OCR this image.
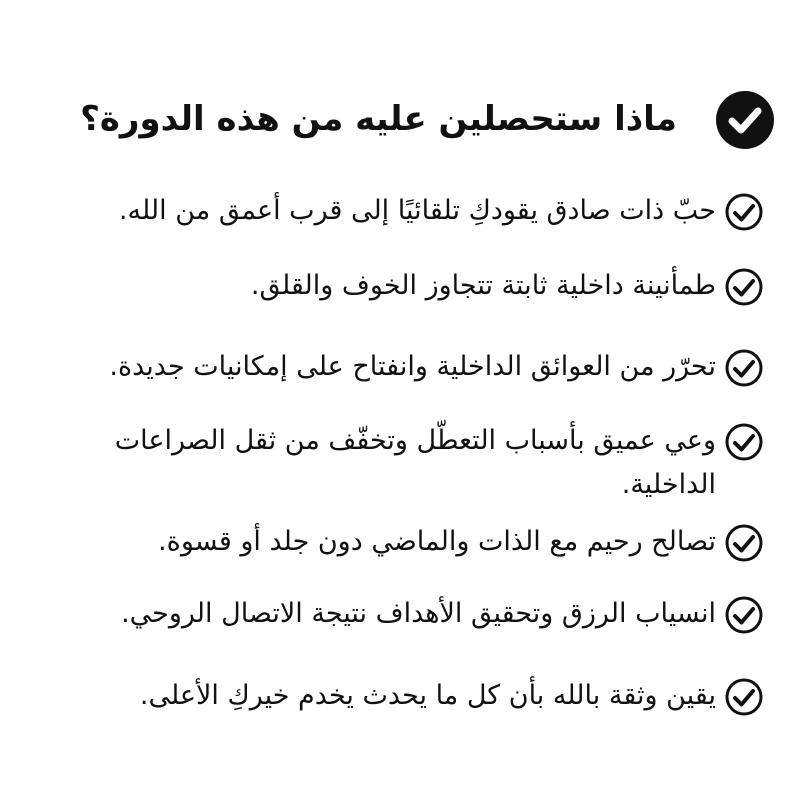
ماذا ستحصلين عليه من هذه الدورة؟
حبّ ذات صادق يقودكِ تلقائيًا إلى قرب أعمق من الله.
طمأنينة داخلية ثابتة تتجاوز الخوف والقلق.
تحرّر من العوائق الداخلية وانفتاح على إمكانيات جديدة.
وعي عميق بأسباب التعطّل وتخفّف من ثقل الصراعات الداخلية.
تصالح رحيم مع الذات والماضي دون جلد أو قسوة.
انسياب الرزق وتحقيق الأهداف نتيجة الاتصال الروحي.
يقين وثقة بالله بأن كل ما يحدث يخدم خيركِ الأعلى.
